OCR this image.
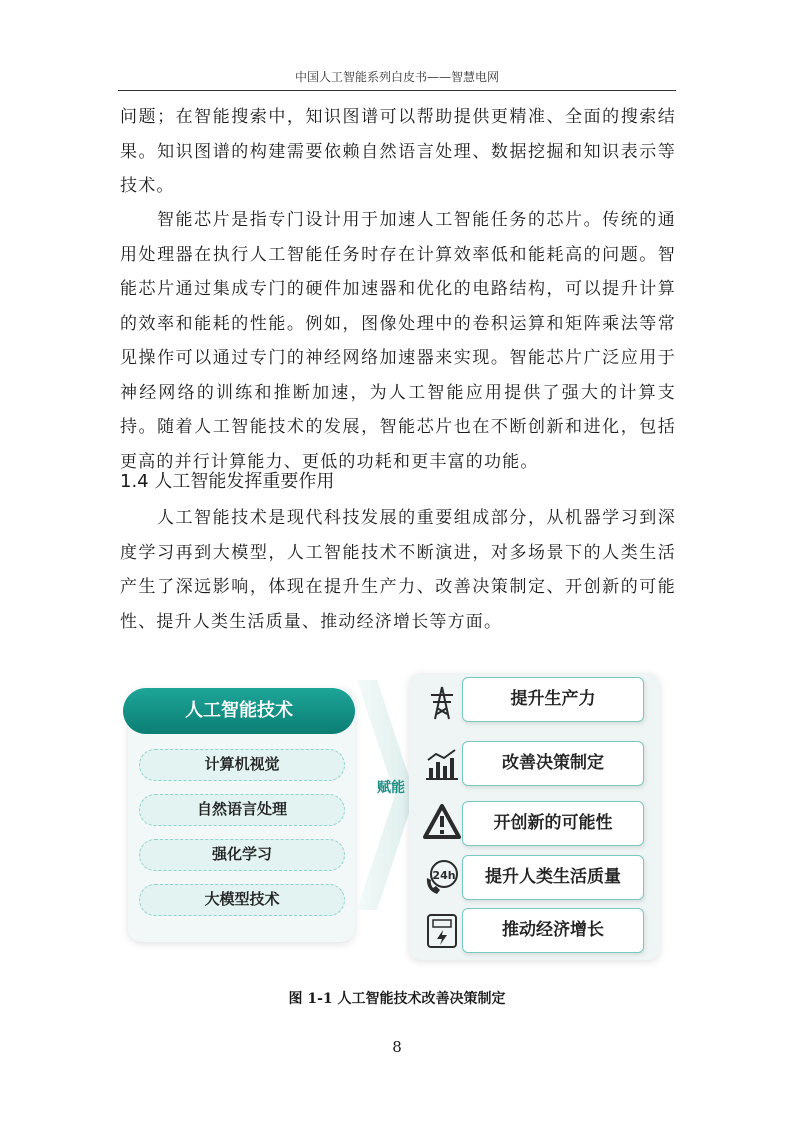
中国人工智能系列白皮书——智慧电网
问题；在智能搜索中，知识图谱可以帮助提供更精准、全面的搜索结果。知识图谱的构建需要依赖自然语言处理、数据挖掘和知识表示等技术。
智能芯片是指专门设计用于加速人工智能任务的芯片。传统的通用处理器在执行人工智能任务时存在计算效率低和能耗高的问题。智能芯片通过集成专门的硬件加速器和优化的电路结构，可以提升计算的效率和能耗的性能。例如，图像处理中的卷积运算和矩阵乘法等常见操作可以通过专门的神经网络加速器来实现。智能芯片广泛应用于神经网络的训练和推断加速，为人工智能应用提供了强大的计算支持。随着人工智能技术的发展，智能芯片也在不断创新和进化，包括更高的并行计算能力、更低的功耗和更丰富的功能。
1.4 人工智能发挥重要作用
人工智能技术是现代科技发展的重要组成部分，从机器学习到深度学习再到大模型，人工智能技术不断演进，对多场景下的人类生活产生了深远影响，体现在提升生产力、改善决策制定、开创新的可能性、提升人类生活质量、推动经济增长等方面。
人工智能技术
计算机视觉
自然语言处理
强化学习
大模型技术
赋能
24h
提升生产力
改善决策制定
开创新的可能性
提升人类生活质量
推动经济增长
图 1-1 人工智能技术改善决策制定
8
